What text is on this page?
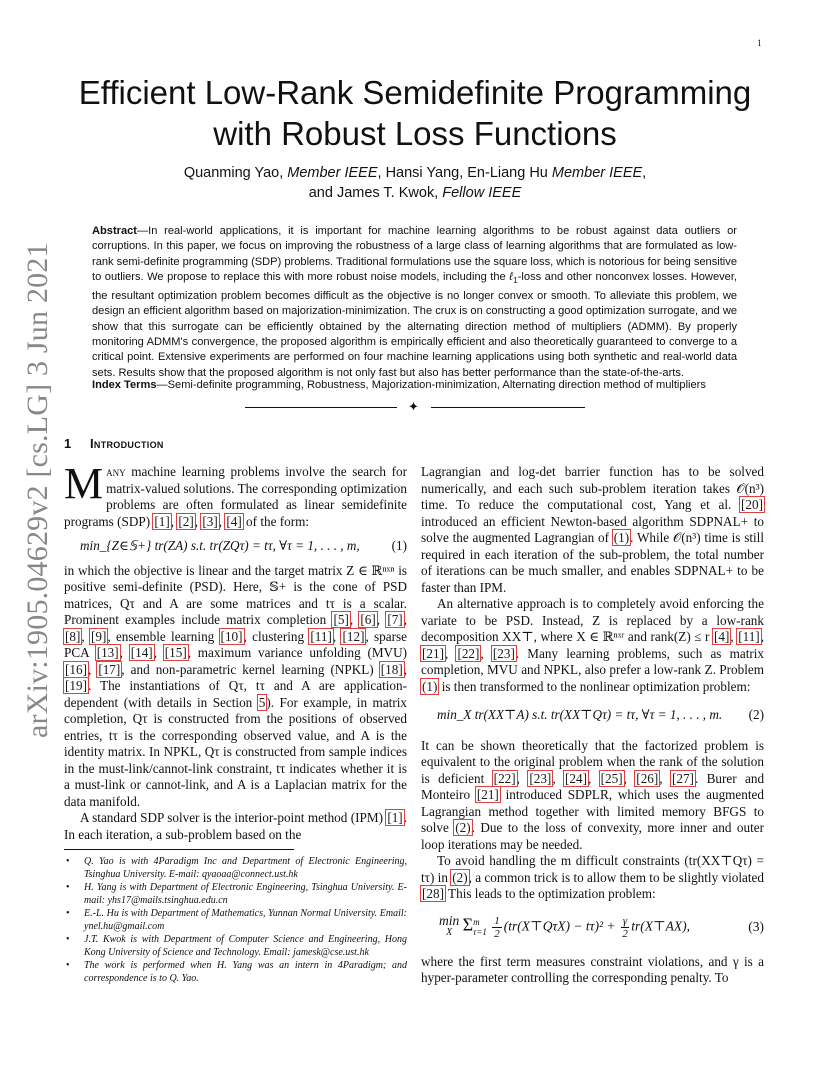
1
arXiv:1905.04629v2 [cs.LG] 3 Jun 2021
Efficient Low-Rank Semidefinite Programming
with Robust Loss Functions
Quanming Yao, Member IEEE, Hansi Yang, En-Liang Hu Member IEEE,
and James T. Kwok, Fellow IEEE
Abstract—In real-world applications, it is important for machine learning algorithms to be robust against data outliers or corruptions. In this paper, we focus on improving the robustness of a large class of learning algorithms that are formulated as low-rank semi-definite programming (SDP) problems. Traditional formulations use the square loss, which is notorious for being sensitive to outliers. We propose to replace this with more robust noise models, including the ℓ$_1$-loss and other nonconvex losses. However, the resultant optimization problem becomes difficult as the objective is no longer convex or smooth. To alleviate this problem, we design an efficient algorithm based on majorization-minimization. The crux is on constructing a good optimization surrogate, and we show that this surrogate can be efficiently obtained by the alternating direction method of multipliers (ADMM). By properly monitoring ADMM's convergence, the proposed algorithm is empirically efficient and also theoretically guaranteed to converge to a critical point. Extensive experiments are performed on four machine learning applications using both synthetic and real-world data sets. Results show that the proposed algorithm is not only fast but also has better performance than the state-of-the-arts.
Index Terms—Semi-definite programming, Robustness, Majorization-minimization, Alternating direction method of multipliers
✦
1 Introduction

Many machine learning problems involve the search for matrix-valued solutions. The corresponding optimization problems are often formulated as linear semidefinite programs (SDP) [1], [2], [3], [4] of the form:

min_{Z∈𝕊+} tr(ZA) s.t. tr(ZQτ) = tτ, ∀τ = 1, . . . , m, (1)

in which the objective is linear and the target matrix Z ∈ ℝⁿˣⁿ is positive semi-definite (PSD). Here, 𝕊+ is the cone of PSD matrices, Qτ and A are some matrices and tτ is a scalar. Prominent examples include matrix completion [5], [6], [7], [8], [9], ensemble learning [10], clustering [11], [12], sparse PCA [13], [14], [15], maximum variance unfolding (MVU) [16], [17], and non-parametric kernel learning (NPKL) [18], [19]. The instantiations of Qτ, tτ and A are application-dependent (with details in Section 5). For example, in matrix completion, Qτ is constructed from the positions of observed entries, tτ is the corresponding observed value, and A is the identity matrix. In NPKL, Qτ is constructed from sample indices in the must-link/cannot-link constraint, tτ indicates whether it is a must-link or cannot-link, and A is a Laplacian matrix for the data manifold.

A standard SDP solver is the interior-point method (IPM) [1]. In each iteration, a sub-problem based on the

• Q. Yao is with 4Paradigm Inc and Department of Electronic Engineering, Tsinghua University. E-mail: qyaoaa@connect.ust.hk
• H. Yang is with Department of Electronic Engineering, Tsinghua University. E-mail: yhs17@mails.tsinghua.edu.cn
• E.-L. Hu is with Department of Mathematics, Yunnan Normal University. Email: ynel.hu@gmail.com
• J.T. Kwok is with Department of Computer Science and Engineering, Hong Kong University of Science and Technology. Email: jamesk@cse.ust.hk
• The work is performed when H. Yang was an intern in 4Paradigm; and correspondence is to Q. Yao.

Lagrangian and log-det barrier function has to be solved numerically, and each such sub-problem iteration takes 𝒪(n³) time. To reduce the computational cost, Yang et al. [20] introduced an efficient Newton-based algorithm SDPNAL+ to solve the augmented Lagrangian of (1). While 𝒪(n³) time is still required in each iteration of the sub-problem, the total number of iterations can be much smaller, and enables SDPNAL+ to be faster than IPM.

An alternative approach is to completely avoid enforcing the variate to be PSD. Instead, Z is replaced by a low-rank decomposition XX⊤, where X ∈ ℝⁿˣʳ and rank(Z) ≤ r [4], [11], [21], [22], [23]. Many learning problems, such as matrix completion, MVU and NPKL, also prefer a low-rank Z. Problem (1) is then transformed to the nonlinear optimization problem:

min_X tr(XX⊤A) s.t. tr(XX⊤Qτ) = tτ, ∀τ = 1, . . . , m. (2)

It can be shown theoretically that the factorized problem is equivalent to the original problem when the rank of the solution is deficient [22], [23], [24], [25], [26], [27]. Burer and Monteiro [21] introduced SDPLR, which uses the augmented Lagrangian method together with limited memory BFGS to solve (2). Due to the loss of convexity, more inner and outer loop iterations may be needed.

To avoid handling the m difficult constraints (tr(XX⊤Qτ) = tτ) in (2), a common trick is to allow them to be slightly violated [28] This leads to the optimization problem:

min
X Σ m
τ=1
$\frac{1}{2}$ (tr(X⊤QτX) − $t\tau)^2 + \frac{\gamma}{2}$ tr(X⊤AX),	(3)

where the first term measures constraint violations, and γ is a hyper-parameter controlling the corresponding penalty. To
